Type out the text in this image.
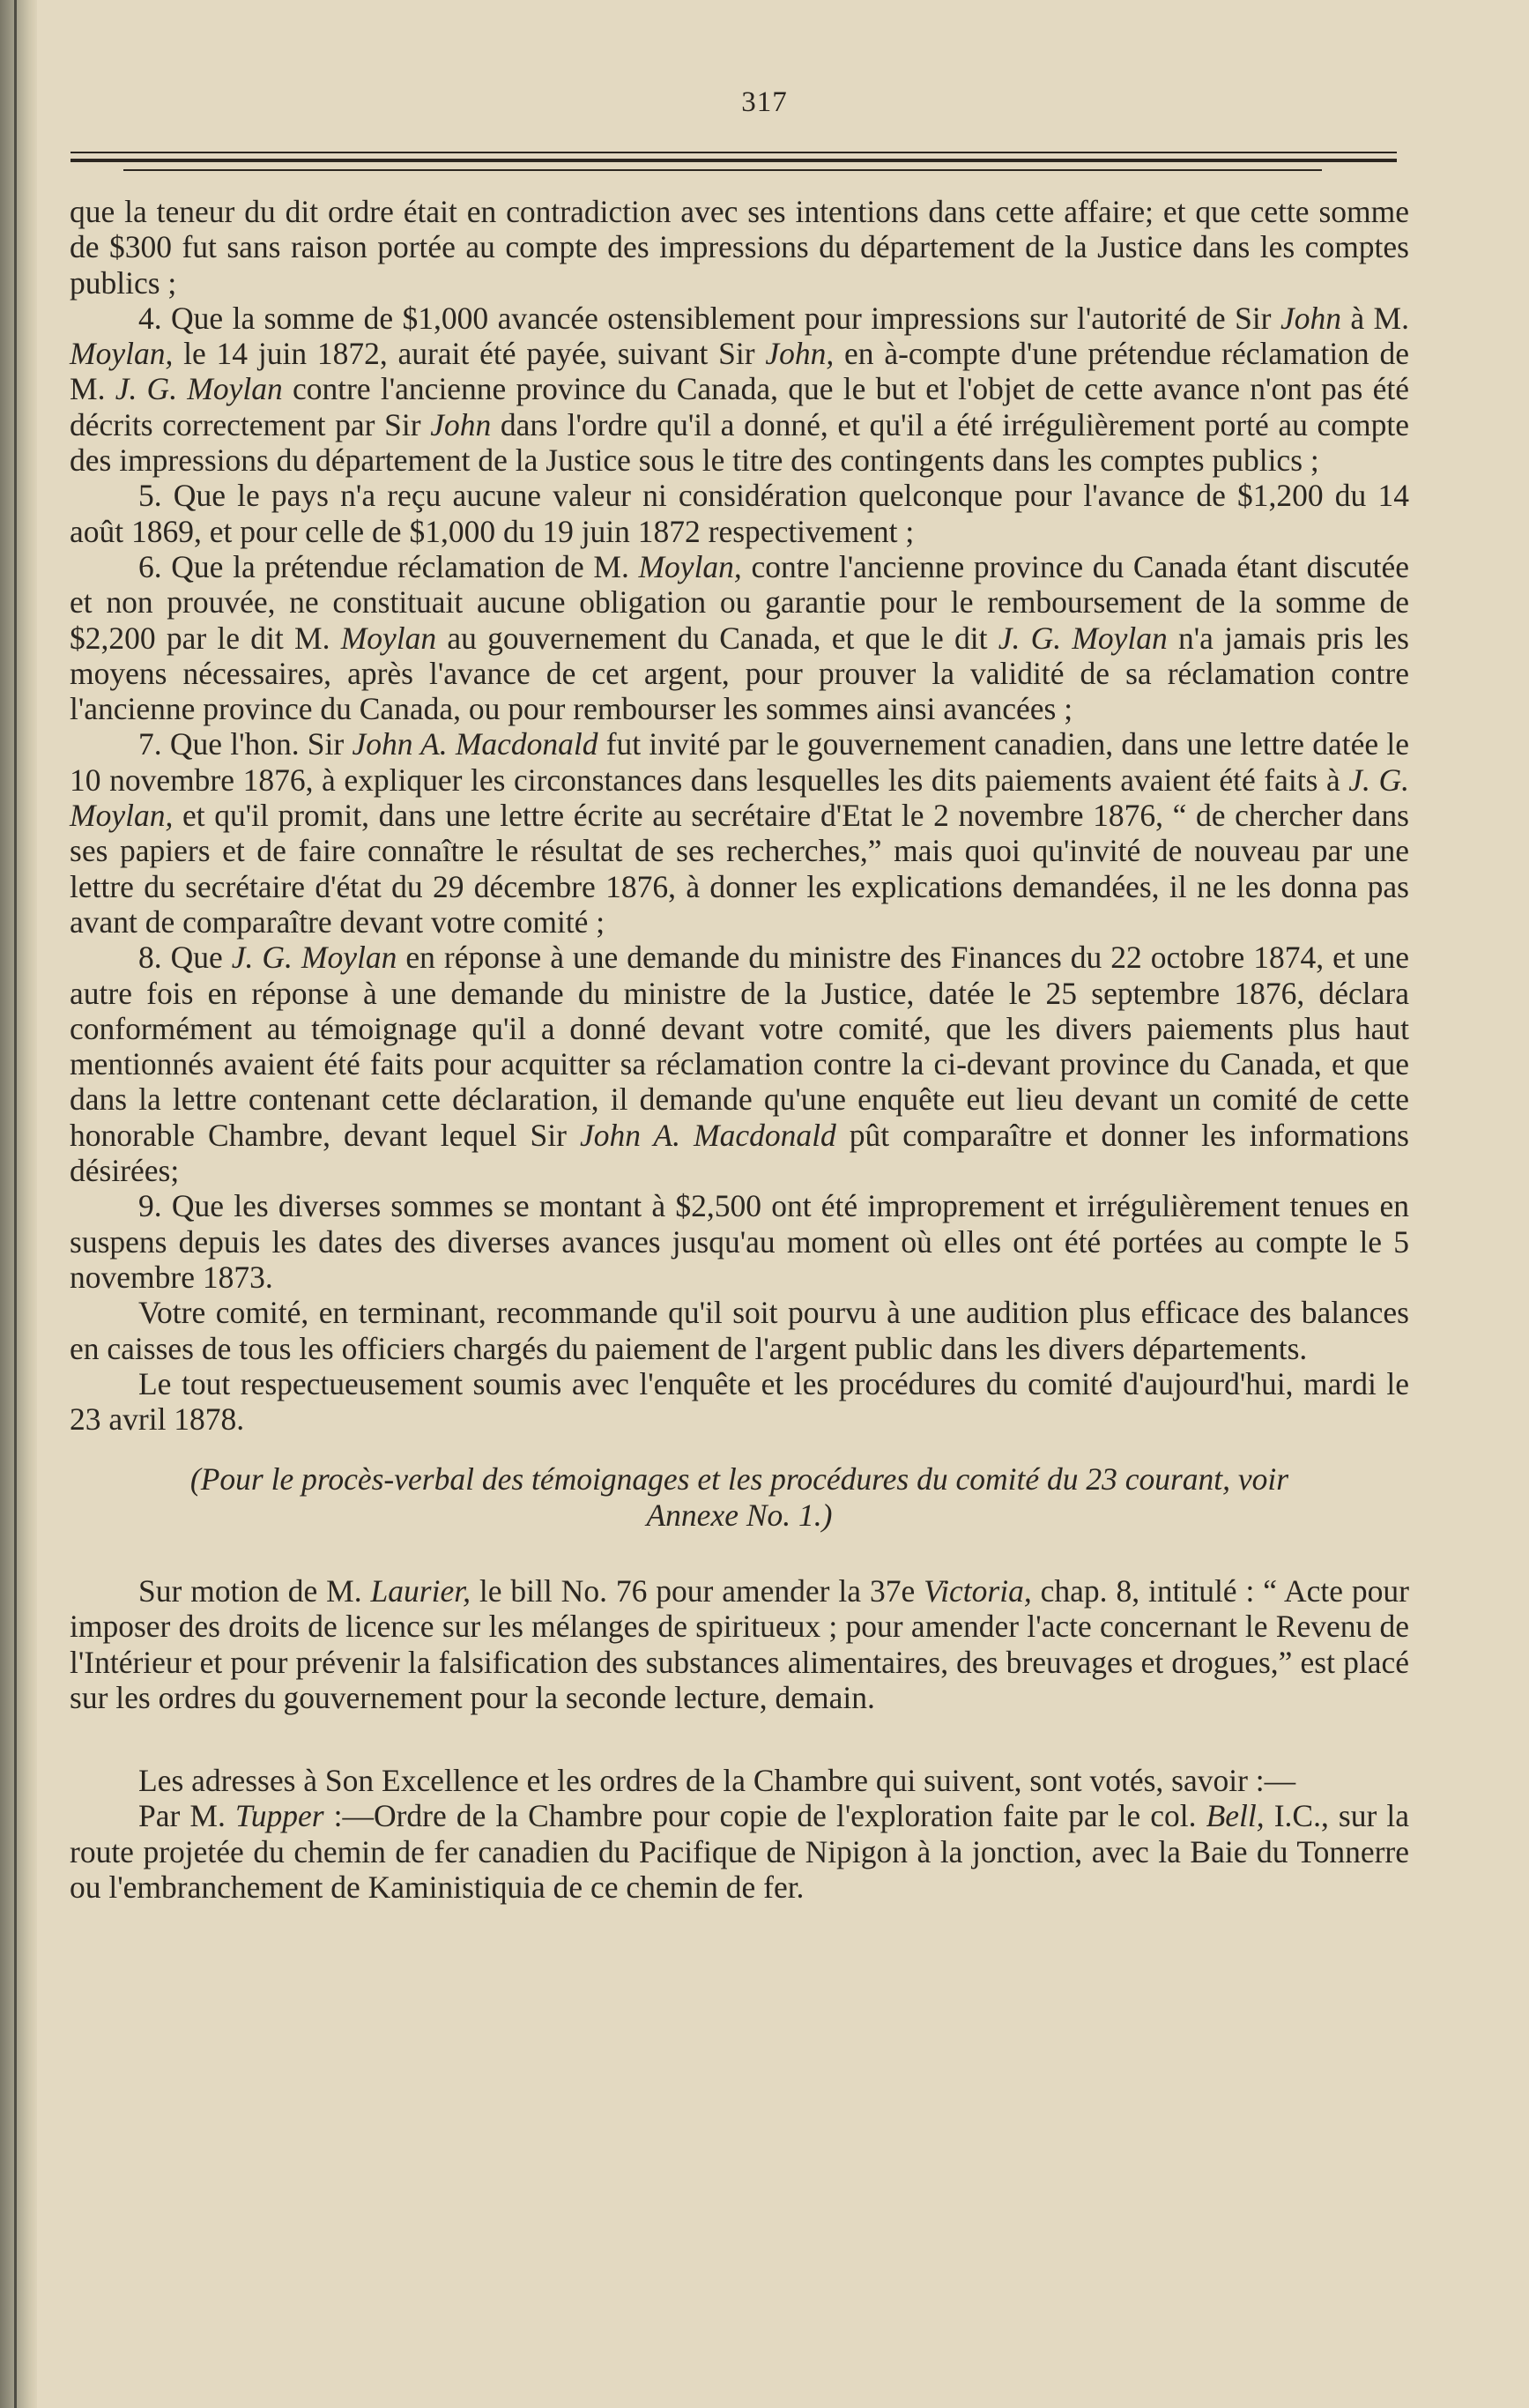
317

que la teneur du dit ordre était en contradiction avec ses intentions dans cette affaire; et que cette somme de $300 fut sans raison portée au compte des impressions du département de la Justice dans les comptes publics ;

4. Que la somme de $1,000 avancée ostensiblement pour impressions sur l'autorité de Sir John à M. Moylan, le 14 juin 1872, aurait été payée, suivant Sir John, en à-compte d'une prétendue réclamation de M. J. G. Moylan contre l'ancienne province du Canada, que le but et l'objet de cette avance n'ont pas été décrits correctement par Sir John dans l'ordre qu'il a donné, et qu'il a été irrégulièrement porté au compte des impressions du département de la Justice sous le titre des contingents dans les comptes publics ;

5. Que le pays n'a reçu aucune valeur ni considération quelconque pour l'avance de $1,200 du 14 août 1869, et pour celle de $1,000 du 19 juin 1872 respectivement ;

6. Que la prétendue réclamation de M. Moylan, contre l'ancienne province du Canada étant discutée et non prouvée, ne constituait aucune obligation ou garantie pour le remboursement de la somme de $2,200 par le dit M. Moylan au gouvernement du Canada, et que le dit J. G. Moylan n'a jamais pris les moyens nécessaires, après l'avance de cet argent, pour prouver la validité de sa réclamation contre l'ancienne province du Canada, ou pour rembourser les sommes ainsi avancées ;

7. Que l'hon. Sir John A. Macdonald fut invité par le gouvernement canadien, dans une lettre datée le 10 novembre 1876, à expliquer les circonstances dans lesquelles les dits paiements avaient été faits à J. G. Moylan, et qu'il promit, dans une lettre écrite au secrétaire d'Etat le 2 novembre 1876, “ de chercher dans ses papiers et de faire connaître le résultat de ses recherches,” mais quoi qu'invité de nouveau par une lettre du secrétaire d'état du 29 décembre 1876, à donner les explications demandées, il ne les donna pas avant de comparaître devant votre comité ;

8. Que J. G. Moylan en réponse à une demande du ministre des Finances du 22 octobre 1874, et une autre fois en réponse à une demande du ministre de la Justice, datée le 25 septembre 1876, déclara conformément au témoignage qu'il a donné devant votre comité, que les divers paiements plus haut mentionnés avaient été faits pour acquitter sa réclamation contre la ci-devant province du Canada, et que dans la lettre contenant cette déclaration, il demande qu'une enquête eut lieu devant un comité de cette honorable Chambre, devant lequel Sir John A. Macdonald pût comparaître et donner les informations désirées;

9. Que les diverses sommes se montant à $2,500 ont été improprement et irrégulièrement tenues en suspens depuis les dates des diverses avances jusqu'au moment où elles ont été portées au compte le 5 novembre 1873.

Votre comité, en terminant, recommande qu'il soit pourvu à une audition plus efficace des balances en caisses de tous les officiers chargés du paiement de l'argent public dans les divers départements.

Le tout respectueusement soumis avec l'enquête et les procédures du comité d'aujourd'hui, mardi le 23 avril 1878.

(Pour le procès-verbal des témoignages et les procédures du comité du 23 courant, voir
Annexe No. 1.)

Sur motion de M. Laurier, le bill No. 76 pour amender la 37e Victoria, chap. 8, intitulé : “ Acte pour imposer des droits de licence sur les mélanges de spiritueux ; pour amender l'acte concernant le Revenu de l'Intérieur et pour prévenir la falsification des substances alimentaires, des breuvages et drogues,” est placé sur les ordres du gouvernement pour la seconde lecture, demain.

Les adresses à Son Excellence et les ordres de la Chambre qui suivent, sont votés, savoir :—

Par M. Tupper :—Ordre de la Chambre pour copie de l'exploration faite par le col. Bell, I.C., sur la route projetée du chemin de fer canadien du Pacifique de Nipigon à la jonction, avec la Baie du Tonnerre ou l'embranchement de Kaministiquia de ce chemin de fer.
